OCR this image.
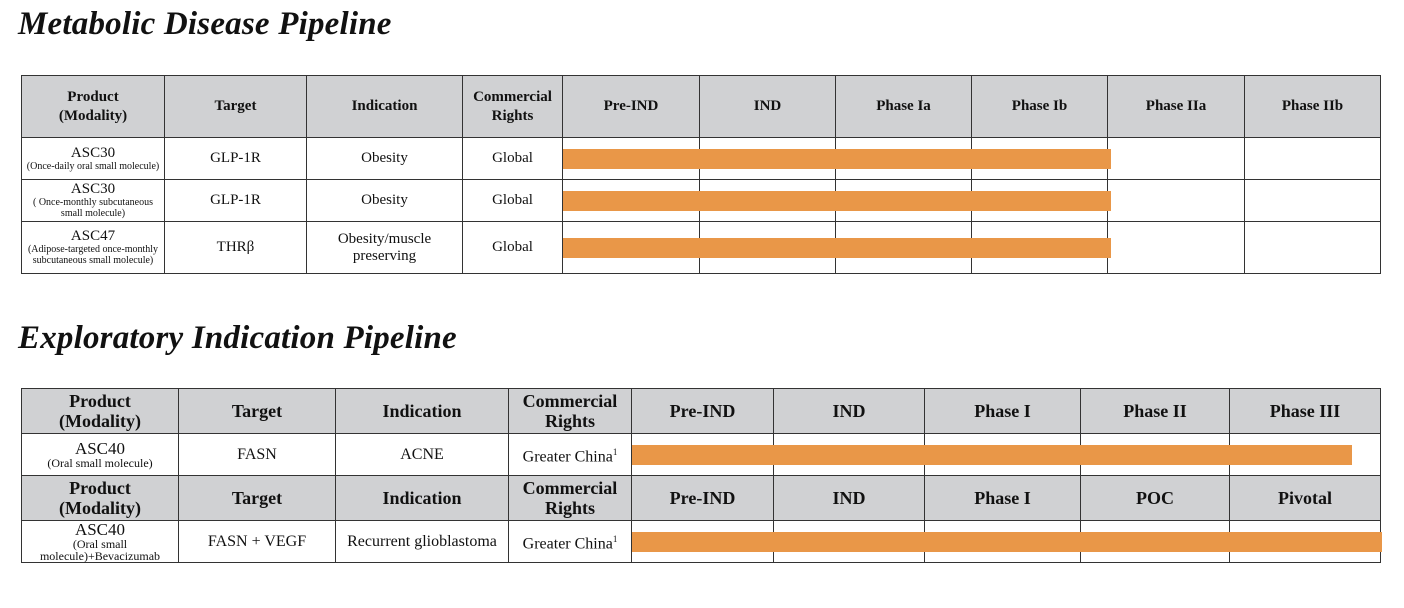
Metabolic Disease Pipeline
Product
(Modality)	Target	Indication	Commercial
Rights	Pre-IND	IND	Phase Ia	Phase Ib	Phase IIa	Phase IIb

ASC30
(Once-daily oral small molecule)	GLP-1R	Obesity	Global	

ASC30
( Once-monthly subcutaneous small molecule)	GLP-1R	Obesity	Global	

ASC47
(Adipose-targeted once-monthly subcutaneous small molecule)	THRβ	Obesity/muscle preserving	Global	

Exploratory Indication Pipeline
Product
(Modality)	Target	Indication	Commercial
Rights	Pre-IND	IND	Phase I	Phase II	Phase III

ASC40
(Oral small molecule)	FASN	ACNE	Greater China$^1$	

Product
(Modality)	Target	Indication	Commercial
Rights	Pre-IND	IND	Phase I	POC	Pivotal

ASC40
(Oral small molecule)+Bevacizumab	FASN + VEGF	Recurrent glioblastoma	Greater China$^1$	
